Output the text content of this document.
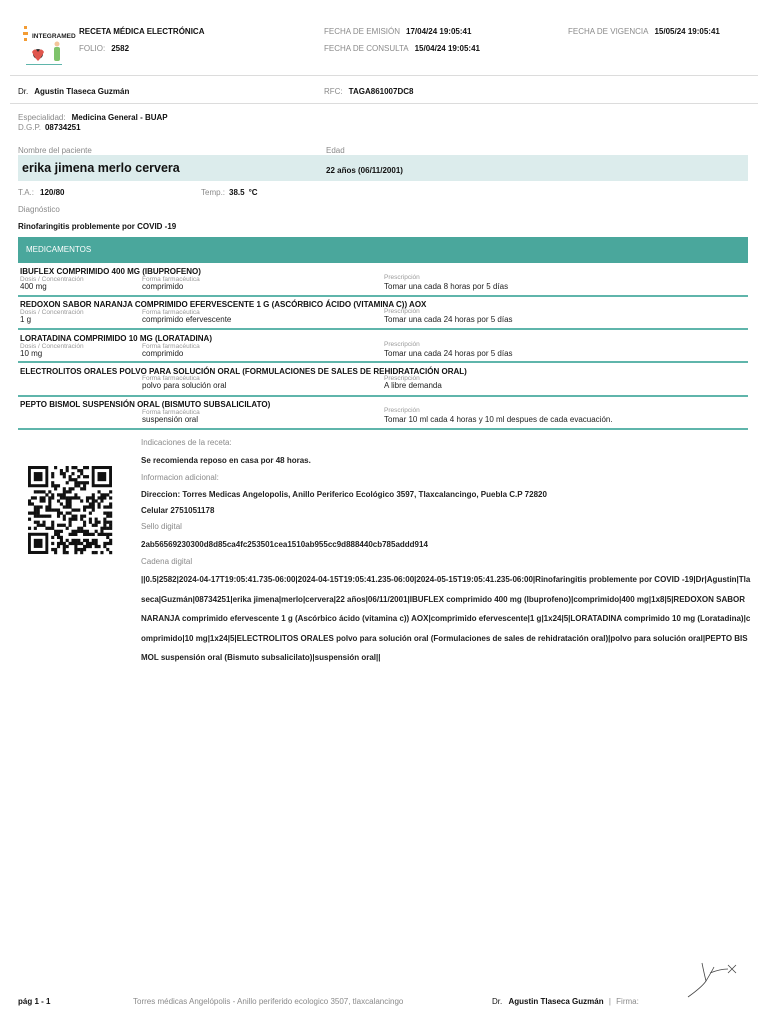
INTEGRAMED
RECETA MÉDICA ELECTRÓNICA
FOLIO: 2582
FECHA DE EMISIÓN 17/04/24 19:05:41
FECHA DE CONSULTA 15/04/24 19:05:41
FECHA DE VIGENCIA 15/05/24 19:05:41
Dr. Agustin Tlaseca Guzmán	RFC: TAGA861007DC8
Especialidad: Medicina General - BUAP
D.G.P. 08734251
Nombre del paciente	Edad
erika jimena merlo cervera	22 años (06/11/2001)
T.A.: 120/80	Temp.: 38.5 °C
Diagnóstico
Rinofaringitis problemente por COVID -19
MEDICAMENTOS
IBUFLEX COMPRIMIDO 400 MG (IBUPROFENO)
Dosis / Concentración	Forma farmacéutica	Prescripción
400 mg	comprimido	Tomar una cada 8 horas por 5 días
REDOXON SABOR NARANJA COMPRIMIDO EFERVESCENTE 1 G (ASCÓRBICO ÁCIDO (VITAMINA C)) AOX
Dosis / Concentración	Forma farmacéutica	Prescripción
1 g	comprimido efervescente	Tomar una cada 24 horas por 5 días
LORATADINA COMPRIMIDO 10 MG (LORATADINA)
Dosis / Concentración	Forma farmacéutica	Prescripción
10 mg	comprimido	Tomar una cada 24 horas por 5 días
ELECTROLITOS ORALES POLVO PARA SOLUCIÓN ORAL (FORMULACIONES DE SALES DE REHIDRATACIÓN ORAL)
Forma farmacéutica	Prescripción
polvo para solución oral	A libre demanda
PEPTO BISMOL SUSPENSIÓN ORAL (BISMUTO SUBSALICILATO)
Forma farmacéutica	Prescripción
suspensión oral	Tomar 10 ml cada 4 horas y 10 ml despues de cada evacuación.
Indicaciones de la receta:
Se recomienda reposo en casa por 48 horas.
Informacion adicional:
Direccion: Torres Medicas Angelopolis, Anillo Periferico Ecológico 3597, Tlaxcalancingo, Puebla C.P 72820
Celular 2751051178
Sello digital
2ab56569230300d8d85ca4fc253501cea1510ab955cc9d888440cb785addd914
Cadena digital
||0.5|2582|2024-04-17T19:05:41.735-06:00|2024-04-15T19:05:41.235-06:00|2024-05-15T19:05:41.235-06:00|Rinofaringitis problemente por COVID -19|Dr|Agustin|Tlaseca|Guzmán|08734251|erika jimena|merlo|cervera|22 años|06/11/2001|IBUFLEX comprimido 400 mg (Ibuprofeno)|comprimido|400 mg|1x8|5|REDOXON SABOR NARANJA comprimido efervescente 1 g (Ascórbico ácido (vitamina c)) AOX|comprimido efervescente|1 g|1x24|5|LORATADINA comprimido 10 mg (Loratadina)|comprimido|10 mg|1x24|5|ELECTROLITOS ORALES polvo para solución oral (Formulaciones de sales de rehidratación oral)|polvo para solución oral|PEPTO BISMOL suspensión oral (Bismuto subsalicilato)|suspensión oral||
pág 1 - 1	Torres médicas Angelópolis - Anillo periferido ecologico 3507, tlaxcalancingo	Dr. Agustin Tlaseca Guzmán | Firma:
